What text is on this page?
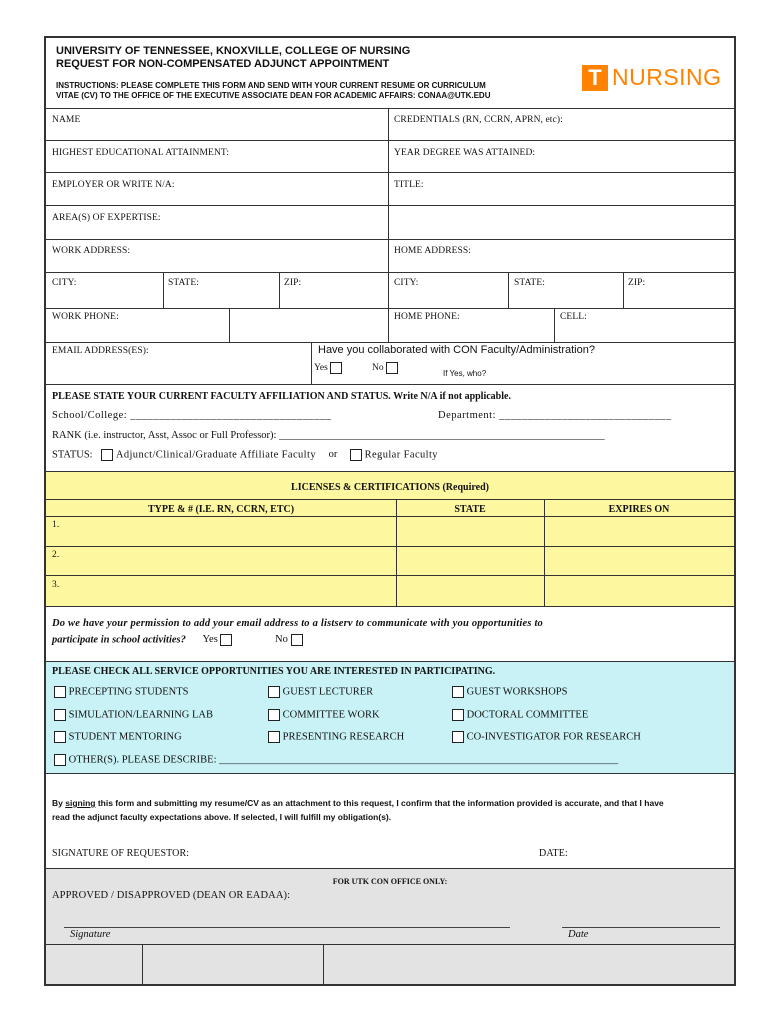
UNIVERSITY OF TENNESSEE, KNOXVILLE, COLLEGE OF NURSING
REQUEST FOR NON-COMPENSATED ADJUNCT APPOINTMENT
INSTRUCTIONS: PLEASE COMPLETE THIS FORM AND SEND WITH YOUR CURRENT RESUME OR CURRICULUM
VITAE (CV) TO THE OFFICE OF THE EXECUTIVE ASSOCIATE DEAN FOR ACADEMIC AFFAIRS: CONAA@UTK.EDU
T NURSING
NAME	CREDENTIALS (RN, CCRN, APRN, etc):
HIGHEST EDUCATIONAL ATTAINMENT:	YEAR DEGREE WAS ATTAINED:
EMPLOYER OR WRITE N/A:	TITLE:
AREA(S) OF EXPERTISE:
WORK ADDRESS:	HOME ADDRESS:
CITY:	STATE:	ZIP:	CITY:	STATE:	ZIP:
WORK PHONE:	HOME PHONE:	CELL:
EMAIL ADDRESS(ES):	Have you collaborated with CON Faculty/Administration?
Yes	No
If Yes, who?
PLEASE STATE YOUR CURRENT FACULTY AFFILIATION AND STATUS. Write N/A if not applicable.
School/College: ___________________________________	Department: ______________________________
RANK (i.e. instructor, Asst, Assoc or Full Professor): ______________________________________________________________
STATUS: Adjunct/Clinical/Graduate Affiliate Faculty or	Regular Faculty
LICENSES & CERTIFICATIONS (Required)
TYPE & # (I.E. RN, CCRN, ETC)	STATE	EXPIRES ON
1.
2.
3.
Do we have your permission to add your email address to a listserv to communicate with you opportunities to
participate in school activities? Yes	No
PLEASE CHECK ALL SERVICE OPPORTUNITIES YOU ARE INTERESTED IN PARTICIPATING.
PRECEPTING STUDENTS	GUEST LECTURER	GUEST WORKSHOPS
SIMULATION/LEARNING LAB	COMMITTEE WORK	DOCTORAL COMMITTEE
STUDENT MENTORING	PRESENTING RESEARCH	CO-INVESTIGATOR FOR RESEARCH
OTHER(S). PLEASE DESCRIBE: ____________________________________________________________________________
By signing this form and submitting my resume/CV as an attachment to this request, I confirm that the information provided is accurate, and that I have
read the adjunct faculty expectations above. If selected, I will fulfill my obligation(s).
SIGNATURE OF REQUESTOR:	DATE:
FOR UTK CON OFFICE ONLY:
APPROVED / DISAPPROVED (DEAN OR EADAA):
Signature	Date
